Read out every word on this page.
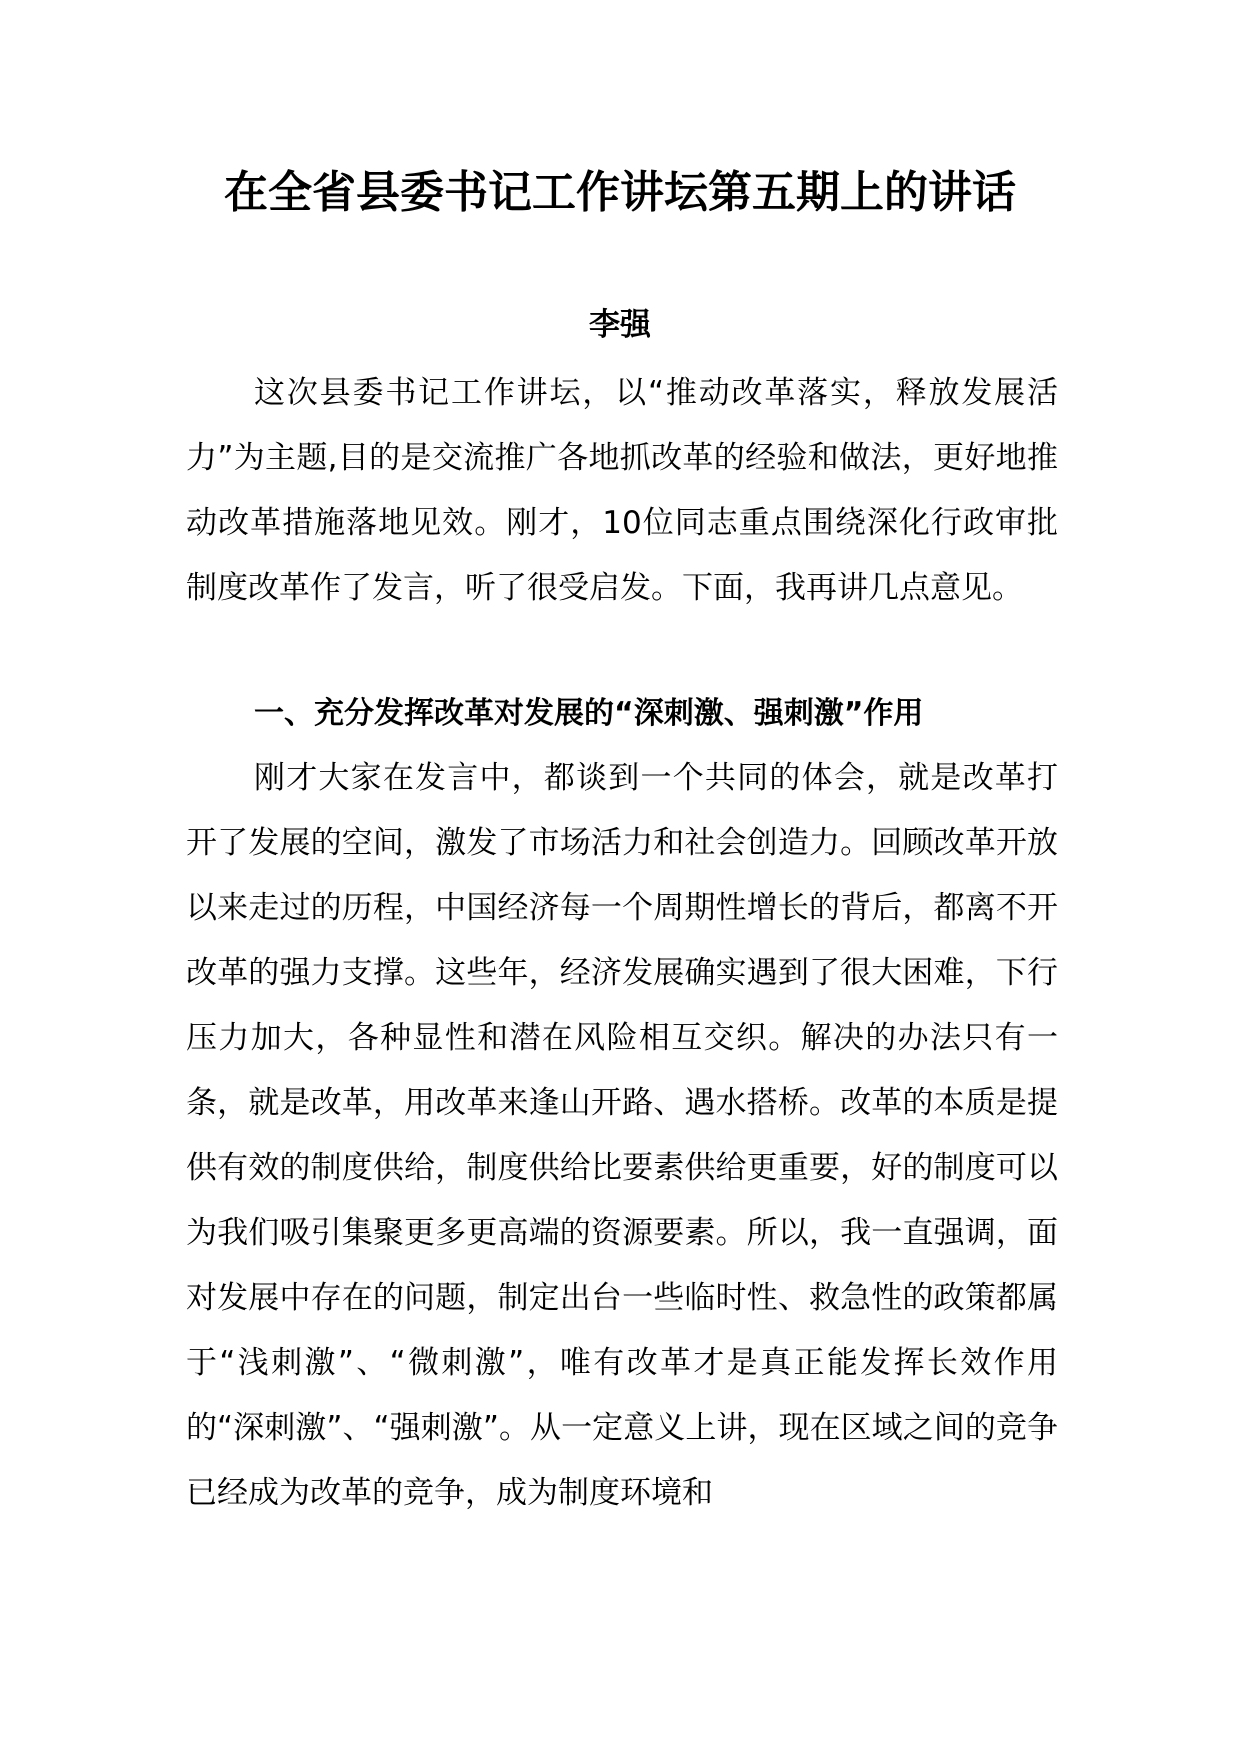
在全省县委书记工作讲坛第五期上的讲话
李强

这次县委书记工作讲坛，以“推动改革落实，释放发展活力”为主题,目的是交流推广各地抓改革的经验和做法，更好地推动改革措施落地见效。刚才，10位同志重点围绕深化行政审批制度改革作了发言，听了很受启发。下面，我再讲几点意见。

一、充分发挥改革对发展的“深刺激、强刺激”作用

刚才大家在发言中，都谈到一个共同的体会，就是改革打开了发展的空间，激发了市场活力和社会创造力。回顾改革开放以来走过的历程，中国经济每一个周期性增长的背后，都离不开改革的强力支撑。这些年，经济发展确实遇到了很大困难，下行压力加大，各种显性和潜在风险相互交织。解决的办法只有一条，就是改革，用改革来逢山开路、遇水搭桥。改革的本质是提供有效的制度供给，制度供给比要素供给更重要，好的制度可以为我们吸引集聚更多更高端的资源要素。所以，我一直强调，面对发展中存在的问题，制定出台一些临时性、救急性的政策都属于“浅刺激”、“微刺激”，唯有改革才是真正能发挥长效作用的“深刺激”、“强刺激”。从一定意义上讲，现在区域之间的竞争已经成为改革的竞争，成为制度环境和
